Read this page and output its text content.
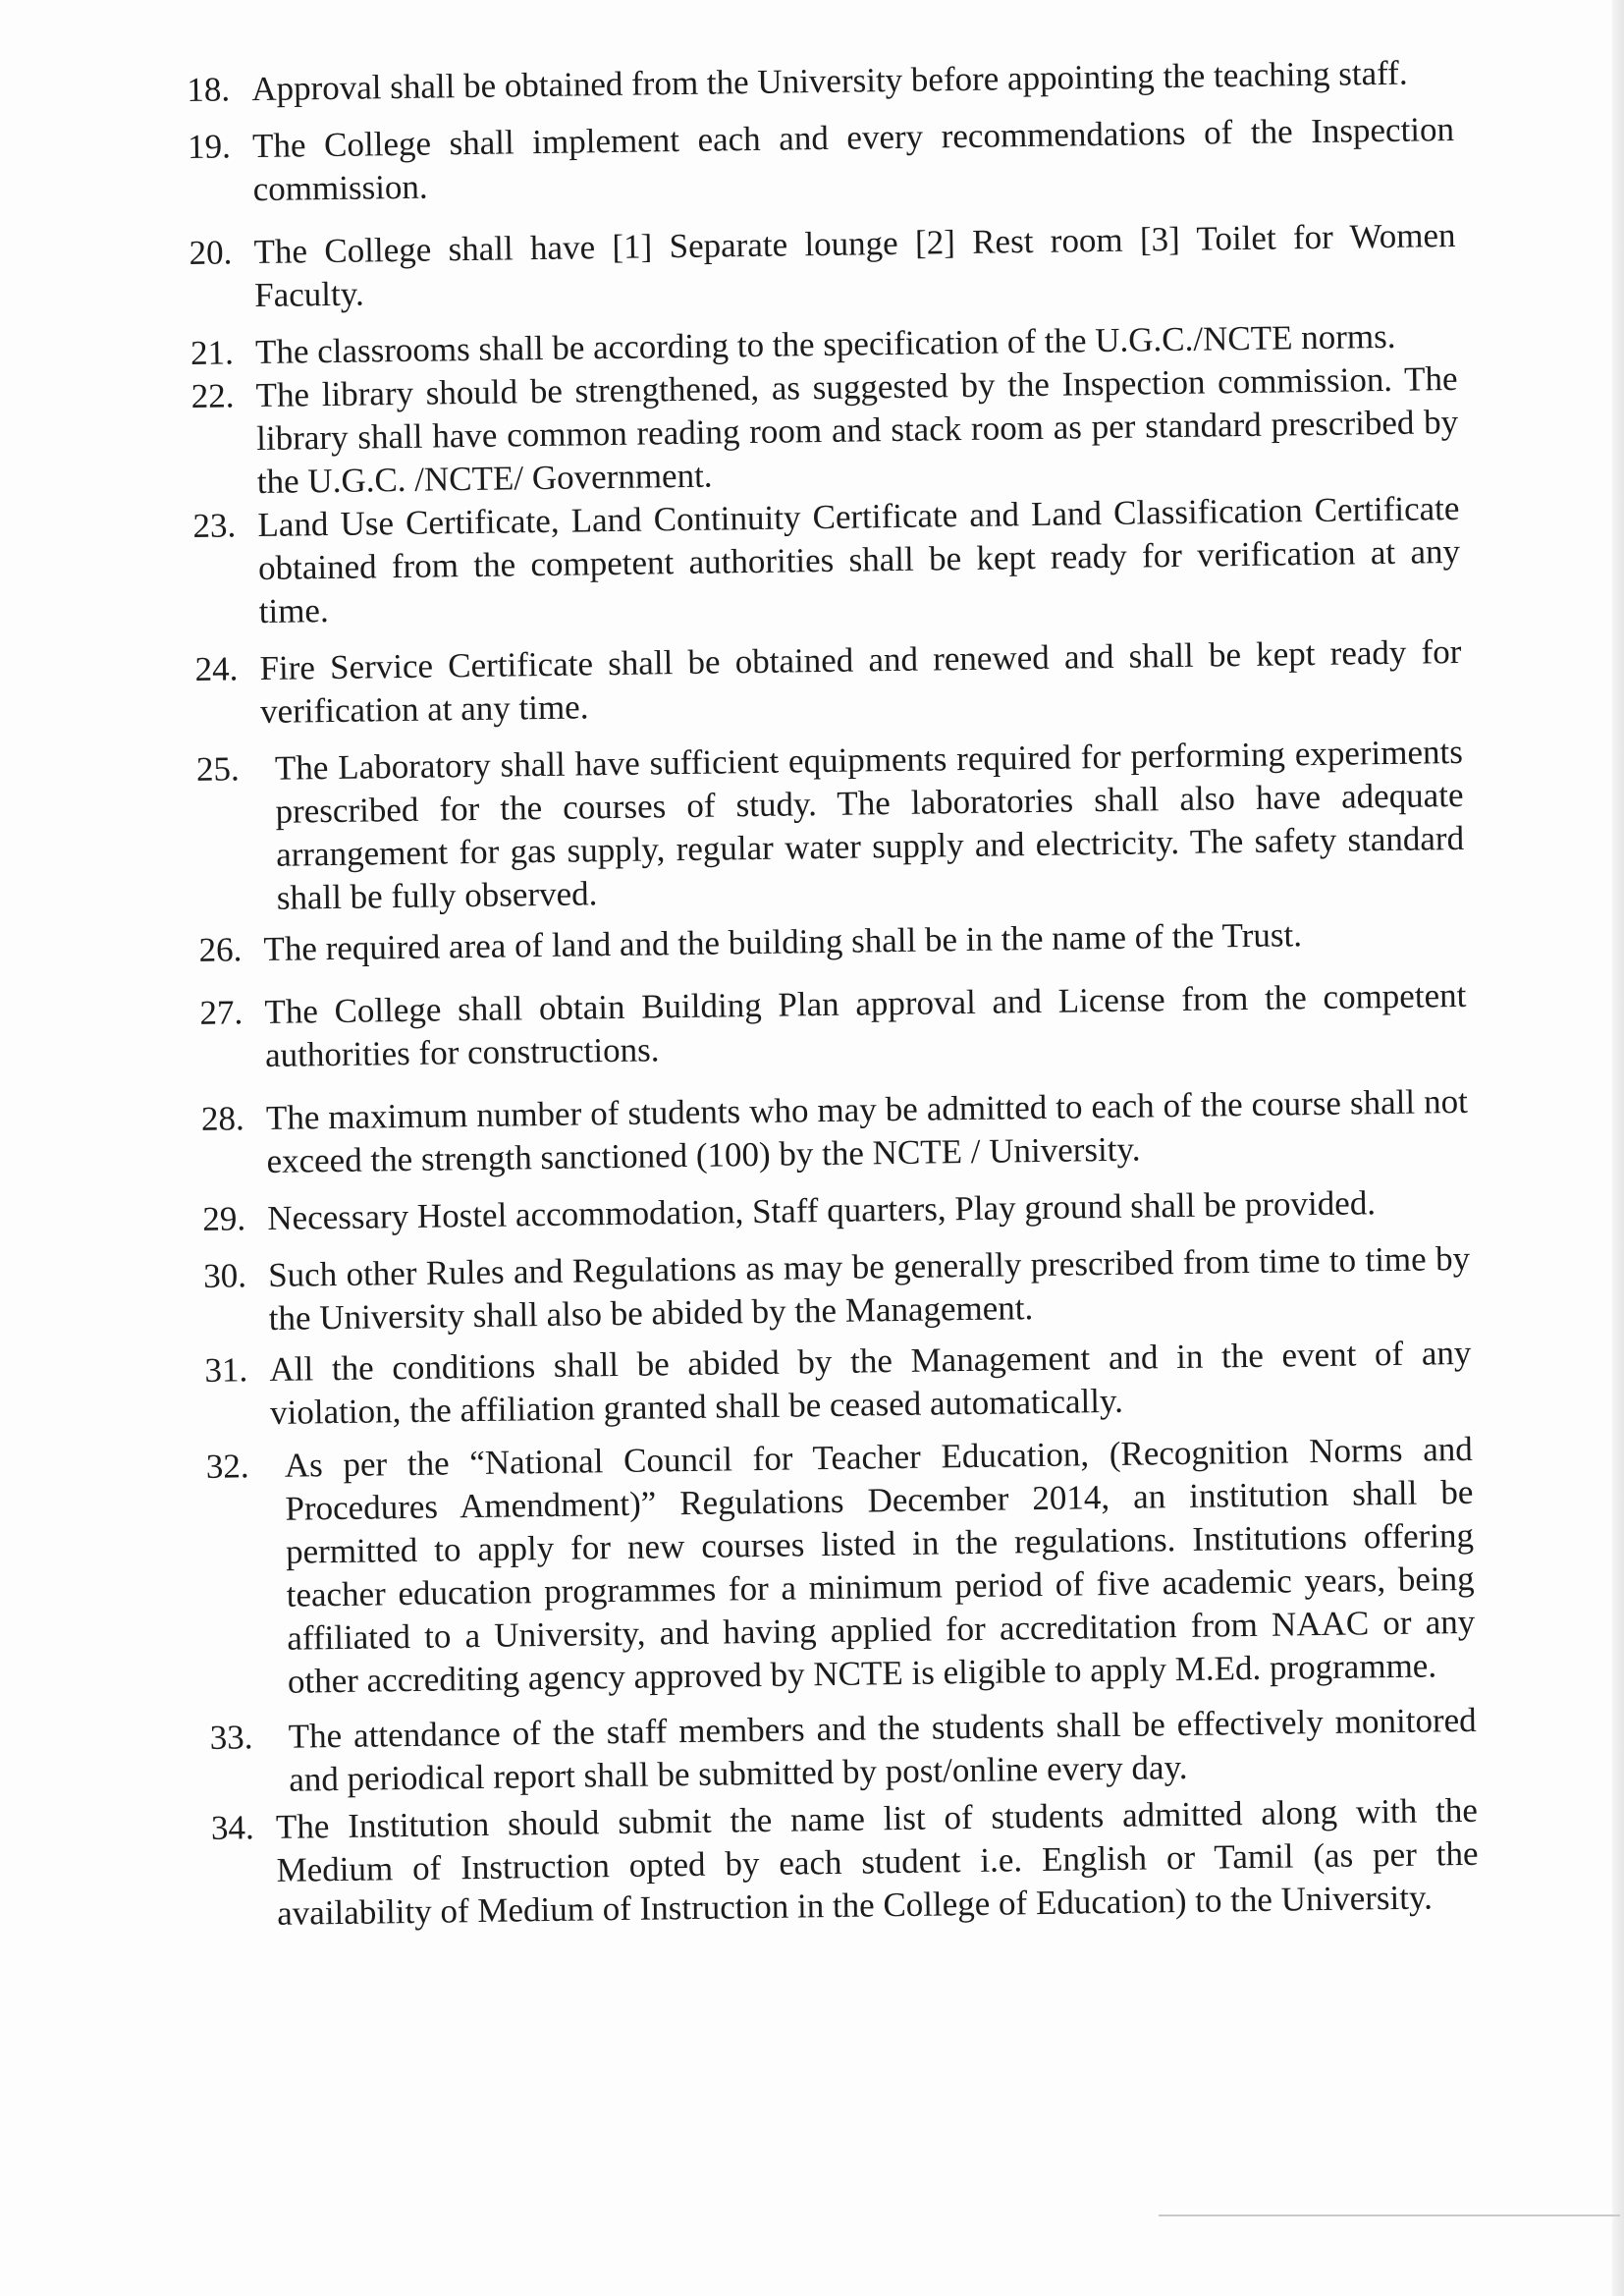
18. Approval shall be obtained from the University before appointing the teaching staff.
19. The College shall implement each and every recommendations of the Inspection commission.
20. The College shall have [1] Separate lounge [2] Rest room [3] Toilet for Women Faculty.
21. The classrooms shall be according to the specification of the U.G.C./NCTE norms.
22. The library should be strengthened, as suggested by the Inspection commission. The library shall have common reading room and stack room as per standard prescribed by the U.G.C. /NCTE/ Government.
23. Land Use Certificate, Land Continuity Certificate and Land Classification Certificate obtained from the competent authorities shall be kept ready for verification at any time.
24. Fire Service Certificate shall be obtained and renewed and shall be kept ready for verification at any time.
25.	The Laboratory shall have sufficient equipments required for performing experiments prescribed for the courses of study. The laboratories shall also have adequate arrangement for gas supply, regular water supply and electricity. The safety standard shall be fully observed.
26. The required area of land and the building shall be in the name of the Trust.
27. The College shall obtain Building Plan approval and License from the competent authorities for constructions.
28. The maximum number of students who may be admitted to each of the course shall not exceed the strength sanctioned (100) by the NCTE / University.
29. Necessary Hostel accommodation, Staff quarters, Play ground shall be provided.
30. Such other Rules and Regulations as may be generally prescribed from time to time by the University shall also be abided by the Management.
31. All the conditions shall be abided by the Management and in the event of any violation, the affiliation granted shall be ceased automatically.
32.	As per the “National Council for Teacher Education, (Recognition Norms and Procedures Amendment)” Regulations December 2014, an institution shall be permitted to apply for new courses listed in the regulations. Institutions offering teacher education programmes for a minimum period of five academic years, being affiliated to a University, and having applied for accreditation from NAAC or any other accrediting agency approved by NCTE is eligible to apply M.Ed. programme.
33.	The attendance of the staff members and the students shall be effectively monitored and periodical report shall be submitted by post/online every day.
34. The Institution should submit the name list of students admitted along with the Medium of Instruction opted by each student i.e. English or Tamil (as per the availability of Medium of Instruction in the College of Education) to the University.
